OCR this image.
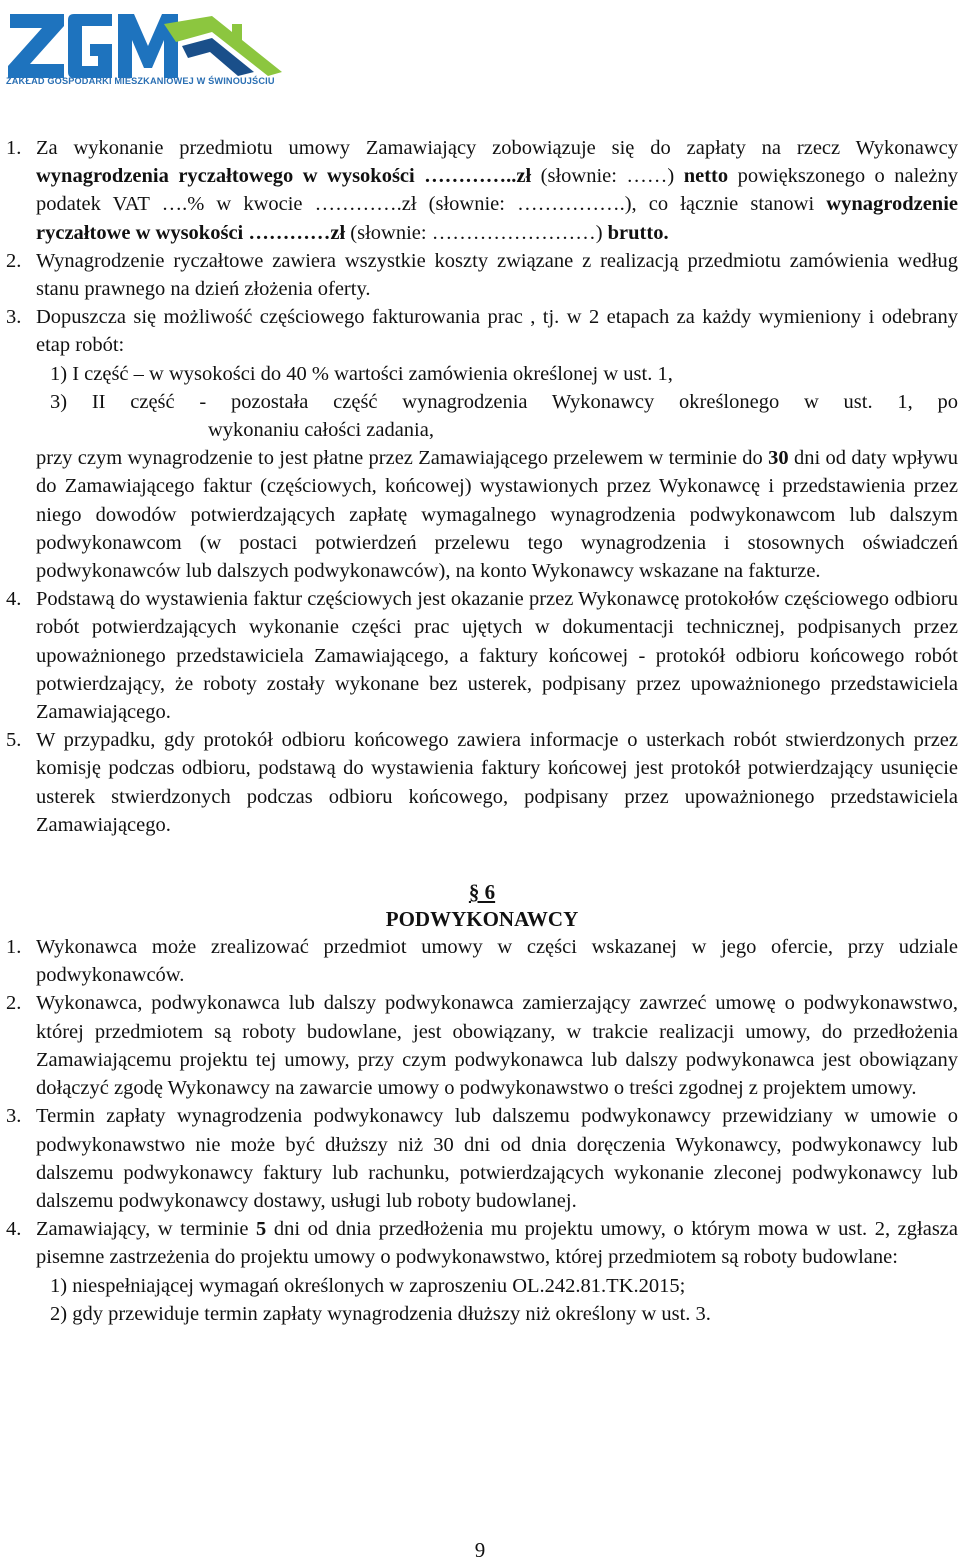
ZAKŁAD GOSPODARKI MIESZKANIOWEJ W ŚWINOUJŚCIU
1. Za wykonanie przedmiotu umowy Zamawiający zobowiązuje się do zapłaty na rzecz Wykonawcy wynagrodzenia ryczałtowego w wysokości …………..zł (słownie: ……) netto powiększonego o należny podatek VAT ….% w kwocie ………….zł (słownie: …………….), co łącznie stanowi wynagrodzenie ryczałtowe w wysokości …………zł (słownie: ……………………) brutto.
2. Wynagrodzenie ryczałtowe zawiera wszystkie koszty związane z realizacją przedmiotu zamówienia według stanu prawnego na dzień złożenia oferty.
3. Dopuszcza się możliwość częściowego fakturowania prac , tj. w 2 etapach za każdy wymieniony i odebrany etap robót:
1) I część – w wysokości do 40 % wartości zamówienia określonej w ust. 1,
3) II część - pozostała część wynagrodzenia Wykonawcy określonego w ust. 1, po
wykonaniu całości zadania,
przy czym wynagrodzenie to jest płatne przez Zamawiającego przelewem w terminie do 30 dni od daty wpływu do Zamawiającego faktur (częściowych, końcowej) wystawionych przez Wykonawcę i przedstawienia przez niego dowodów potwierdzających zapłatę wymagalnego wynagrodzenia podwykonawcom lub dalszym podwykonawcom (w postaci potwierdzeń przelewu tego wynagrodzenia i stosownych oświadczeń podwykonawców lub dalszych podwykonawców), na konto Wykonawcy wskazane na fakturze.
4. Podstawą do wystawienia faktur częściowych jest okazanie przez Wykonawcę protokołów częściowego odbioru robót potwierdzających wykonanie części prac ujętych w dokumentacji technicznej, podpisanych przez upoważnionego przedstawiciela Zamawiającego, a faktury końcowej - protokół odbioru końcowego robót potwierdzający, że roboty zostały wykonane bez usterek, podpisany przez upoważnionego przedstawiciela Zamawiającego.
5. W przypadku, gdy protokół odbioru końcowego zawiera informacje o usterkach robót stwierdzonych przez komisję podczas odbioru, podstawą do wystawienia faktury końcowej jest protokół potwierdzający usunięcie usterek stwierdzonych podczas odbioru końcowego, podpisany przez upoważnionego przedstawiciela Zamawiającego.
§ 6
PODWYKONAWCY
1. Wykonawca może zrealizować przedmiot umowy w części wskazanej w jego ofercie, przy udziale podwykonawców.
2. Wykonawca, podwykonawca lub dalszy podwykonawca zamierzający zawrzeć umowę o podwykonawstwo, której przedmiotem są roboty budowlane, jest obowiązany, w trakcie realizacji umowy, do przedłożenia Zamawiającemu projektu tej umowy, przy czym podwykonawca lub dalszy podwykonawca jest obowiązany dołączyć zgodę Wykonawcy na zawarcie umowy o podwykonawstwo o treści zgodnej z projektem umowy.
3. Termin zapłaty wynagrodzenia podwykonawcy lub dalszemu podwykonawcy przewidziany w umowie o podwykonawstwo nie może być dłuższy niż 30 dni od dnia doręczenia Wykonawcy, podwykonawcy lub dalszemu podwykonawcy faktury lub rachunku, potwierdzających wykonanie zleconej podwykonawcy lub dalszemu podwykonawcy dostawy, usługi lub roboty budowlanej.
4. Zamawiający, w terminie 5 dni od dnia przedłożenia mu projektu umowy, o którym mowa w ust. 2, zgłasza pisemne zastrzeżenia do projektu umowy o podwykonawstwo, której przedmiotem są roboty budowlane:
1) niespełniającej wymagań określonych w zaproszeniu OL.242.81.TK.2015;
2) gdy przewiduje termin zapłaty wynagrodzenia dłuższy niż określony w ust. 3.
9
